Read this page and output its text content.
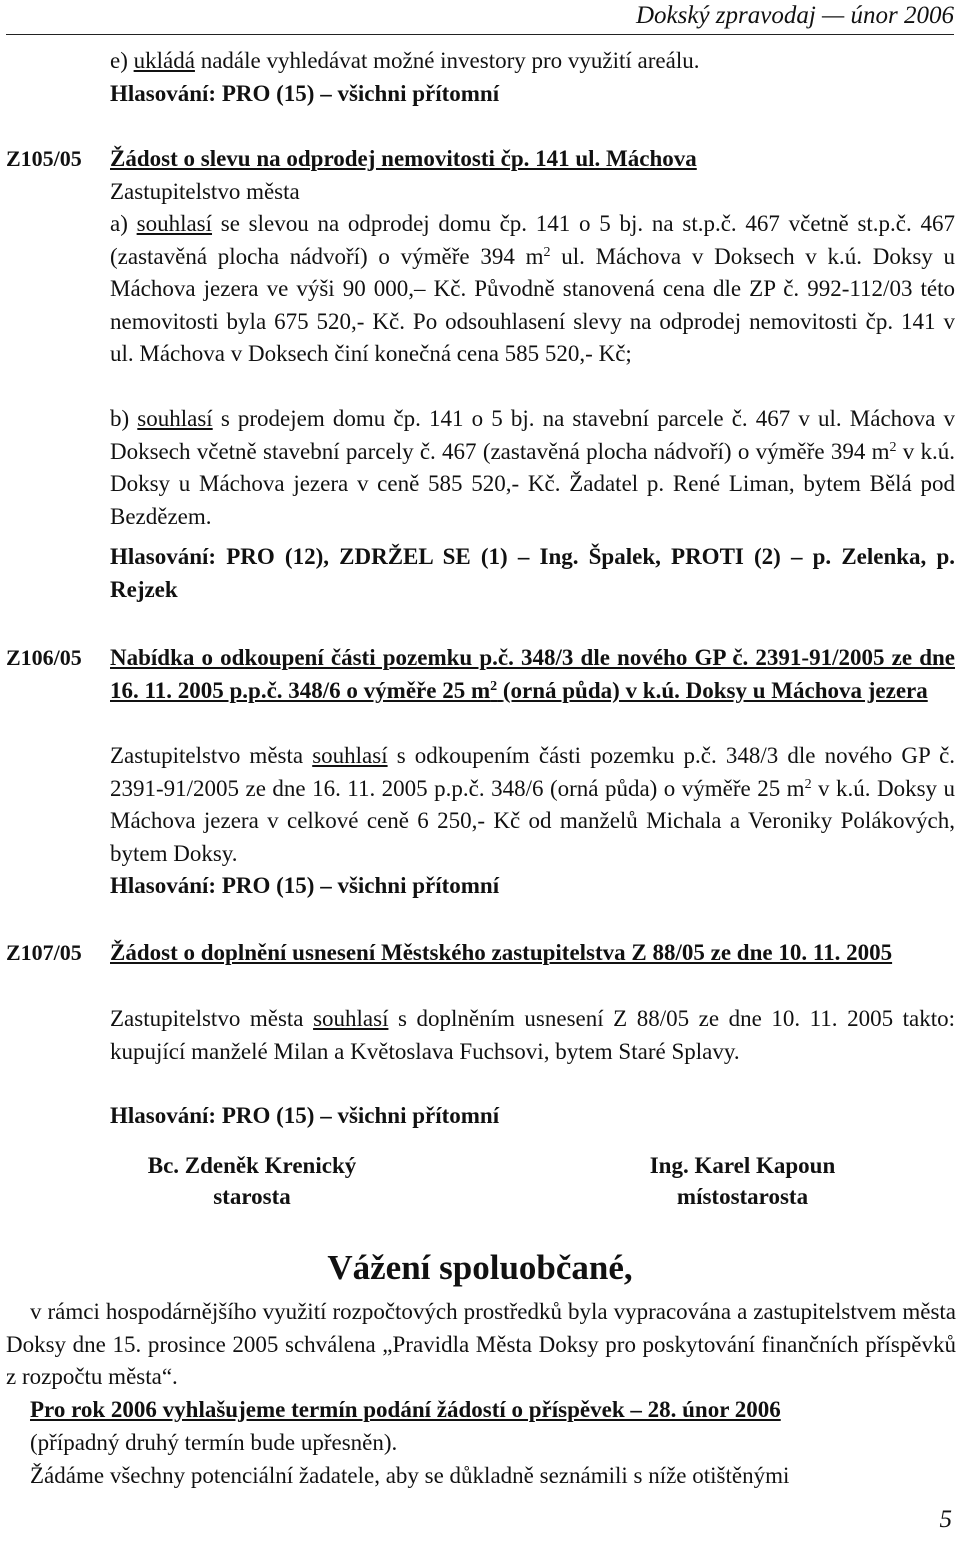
Dokský zpravodaj — únor 2006
e) ukládá nadále vyhledávat možné investory pro využití areálu.
Hlasování: PRO (15) – všichni přítomní
Z105/05 Žádost o slevu na odprodej nemovitosti čp. 141 ul. Máchova
Zastupitelstvo města
a) souhlasí se slevou na odprodej domu čp. 141 o 5 bj. na st.p.č. 467 včetně st.p.č. 467 (zastavěná plocha nádvoří) o výměře 394 $m^2$ ul. Máchova v Doksech v k.ú. Doksy u Máchova jezera ve výši 90 000,– Kč. Původně stanovená cena dle ZP č. 992-112/03 této nemovitosti byla 675 520,- Kč. Po odsouhlasení slevy na odprodej nemovitosti čp. 141 v ul. Máchova v Doksech činí konečná cena 585 520,- Kč;
b) souhlasí s prodejem domu čp. 141 o 5 bj. na stavební parcele č. 467 v ul. Máchova v Doksech včetně stavební parcely č. 467 (zastavěná plocha nádvoří) o výměře 394 $m^2$ v k.ú. Doksy u Máchova jezera v ceně 585 520,- Kč. Žadatel p. René Liman, bytem Bělá pod Bezdězem.
Hlasování: PRO (12), ZDRŽEL SE (1) – Ing. Špalek, PROTI (2) – p. Zelenka, p. Rejzek
Z106/05 Nabídka o odkoupení části pozemku p.č. 348/3 dle nového GP č. 2391-91/2005 ze dne 16. 11. 2005 p.p.č. 348/6 o výměře 25 $m^2$ (orná půda) v k.ú. Doksy u Máchova jezera
Zastupitelstvo města souhlasí s odkoupením části pozemku p.č. 348/3 dle nového GP č. 2391-91/2005 ze dne 16. 11. 2005 p.p.č. 348/6 (orná půda) o výměře 25 $m^2$ v k.ú. Doksy u Máchova jezera v celkové ceně 6 250,- Kč od manželů Michala a Veroniky Polákových, bytem Doksy.
Hlasování: PRO (15) – všichni přítomní
Z107/05 Žádost o doplnění usnesení Městského zastupitelstva Z 88/05 ze dne 10. 11. 2005
Zastupitelstvo města souhlasí s doplněním usnesení Z 88/05 ze dne 10. 11. 2005 takto: kupující manželé Milan a Květoslava Fuchsovi, bytem Staré Splavy.
Hlasování: PRO (15) – všichni přítomní
Bc. Zdeněk Krenický
starosta
Ing. Karel Kapoun
místostarosta
Vážení spoluobčané,
v rámci hospodárnějšího využití rozpočtových prostředků byla vypracována a zastupitelstvem města Doksy dne 15. prosince 2005 schválena „Pravidla Města Doksy pro poskytování finančních příspěvků z rozpočtu města“.
Pro rok 2006 vyhlašujeme termín podání žádostí o příspěvek – 28. únor 2006
(případný druhý termín bude upřesněn).
Žádáme všechny potenciální žadatele, aby se důkladně seznámili s níže otištěnými
5
